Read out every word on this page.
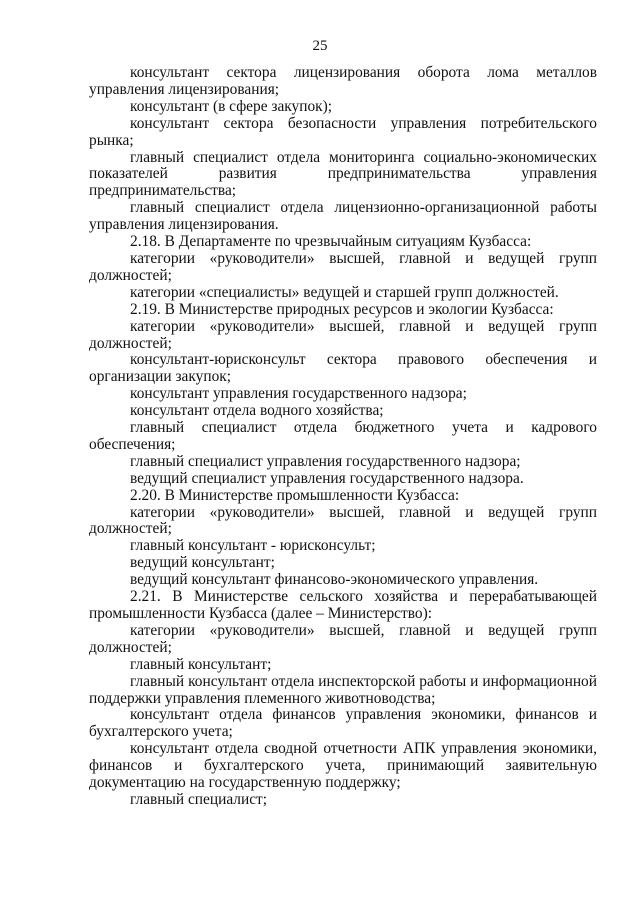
25

консультант сектора лицензирования оборота лома металлов управления лицензирования;

консультант (в сфере закупок);

консультант сектора безопасности управления потребительского рынка;

главный специалист отдела мониторинга социально-экономических показателей развития предпринимательства управления предпринимательства;

главный специалист отдела лицензионно-организационной работы управления лицензирования.

2.18. В Департаменте по чрезвычайным ситуациям Кузбасса:

категории «руководители» высшей, главной и ведущей групп должностей;

категории «специалисты» ведущей и старшей групп должностей.

2.19. В Министерстве природных ресурсов и экологии Кузбасса:

категории «руководители» высшей, главной и ведущей групп должностей;

консультант-юрисконсульт сектора правового обеспечения и организации закупок;

консультант управления государственного надзора;

консультант отдела водного хозяйства;

главный специалист отдела бюджетного учета и кадрового обеспечения;

главный специалист управления государственного надзора;

ведущий специалист управления государственного надзора.

2.20. В Министерстве промышленности Кузбасса:

категории «руководители» высшей, главной и ведущей групп должностей;

главный консультант - юрисконсульт;

ведущий консультант;

ведущий консультант финансово-экономического управления.

2.21. В Министерстве сельского хозяйства и перерабатывающей промышленности Кузбасса (далее – Министерство):

категории «руководители» высшей, главной и ведущей групп должностей;

главный консультант;

главный консультант отдела инспекторской работы и информационной поддержки управления племенного животноводства;

консультант отдела финансов управления экономики, финансов и бухгалтерского учета;

консультант отдела сводной отчетности АПК управления экономики, финансов и бухгалтерского учета, принимающий заявительную документацию на государственную поддержку;

главный специалист;
